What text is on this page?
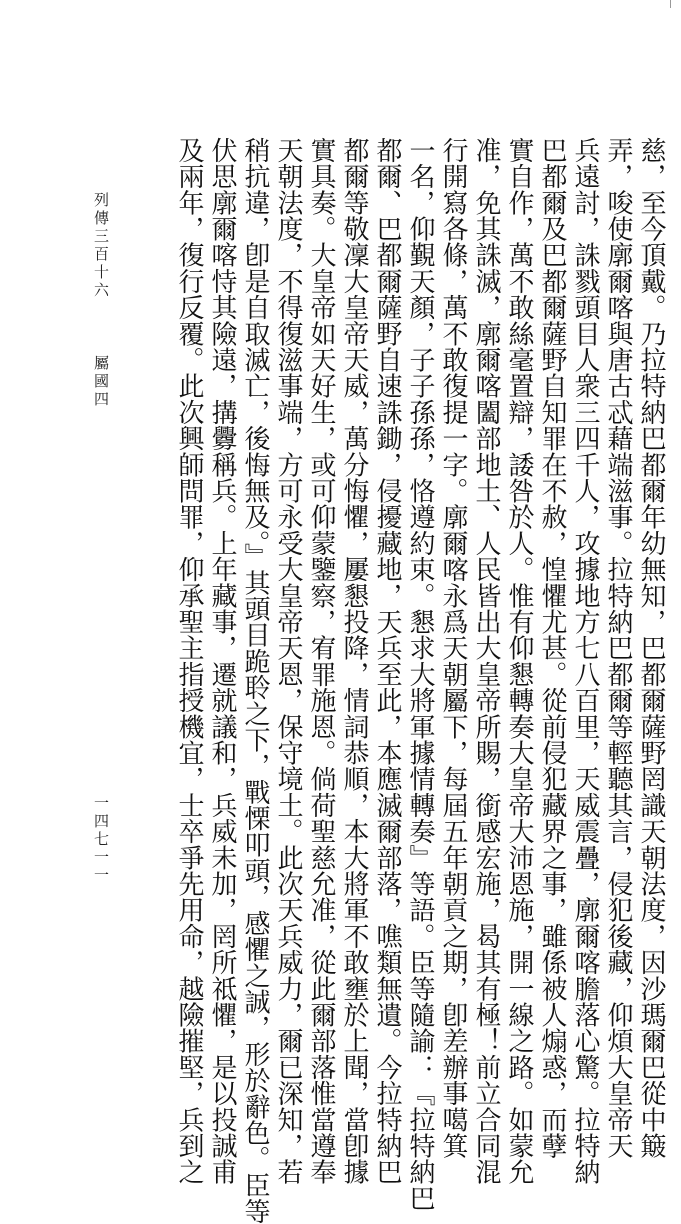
慈，至今頂戴。乃拉特納巴都爾年幼無知，巴都爾薩野罔識天朝法度，因沙瑪爾巴從中簸
弄，唆使廓爾喀與唐古忒藉端滋事。拉特納巴都爾等輕聽其言，侵犯後藏，仰煩大皇帝天
兵遠討，誅戮頭目人衆三四千人，攻據地方七八百里，天威震疊，廓爾喀膽落心驚。拉特納
巴都爾及巴都爾薩野自知罪在不赦，惶懼尤甚。從前侵犯藏界之事，雖係被人煽惑，而孽
實自作，萬不敢絲毫置辯，諉咎於人。惟有仰懇轉奏大皇帝大沛恩施，開一線之路。如蒙允
准，免其誅滅，廓爾喀闔部地土、人民皆出大皇帝所賜，銜感宏施，曷其有極！前立合同混
行開寫各條，萬不敢復提一字。廓爾喀永爲天朝屬下，每屆五年朝貢之期，卽差辦事噶箕
一名，仰覲天顏，子子孫孫，恪遵約束。懇求大將軍據情轉奏』等語。臣等隨諭：『拉特納巴
都爾、巴都爾薩野自速誅鋤，侵擾藏地，天兵至此，本應滅爾部落，噍類無遺。今拉特納巴
都爾等敬凜大皇帝天威，萬分悔懼，屢懇投降，情詞恭順，本大將軍不敢壅於上聞，當卽據
實具奏。大皇帝如天好生，或可仰蒙鑒察，宥罪施恩。倘荷聖慈允准，從此爾部落惟當遵奉
天朝法度，不得復滋事端，方可永受大皇帝天恩，保守境土。此次天兵威力，爾已深知，若
稍抗違，卽是自取滅亡，後悔無及。』其頭目跪聆之下，戰慄叩頭，感懼之誠，形於辭色。臣等
伏思廓爾喀恃其險遠，搆釁稱兵。上年藏事，遷就議和，兵威未加，罔所祗懼，是以投誠甫
及兩年，復行反覆。此次興師問罪，仰承聖主指授機宜，士卒爭先用命，越險摧堅，兵到之
列傳三百十六
屬國四
一四七一一
